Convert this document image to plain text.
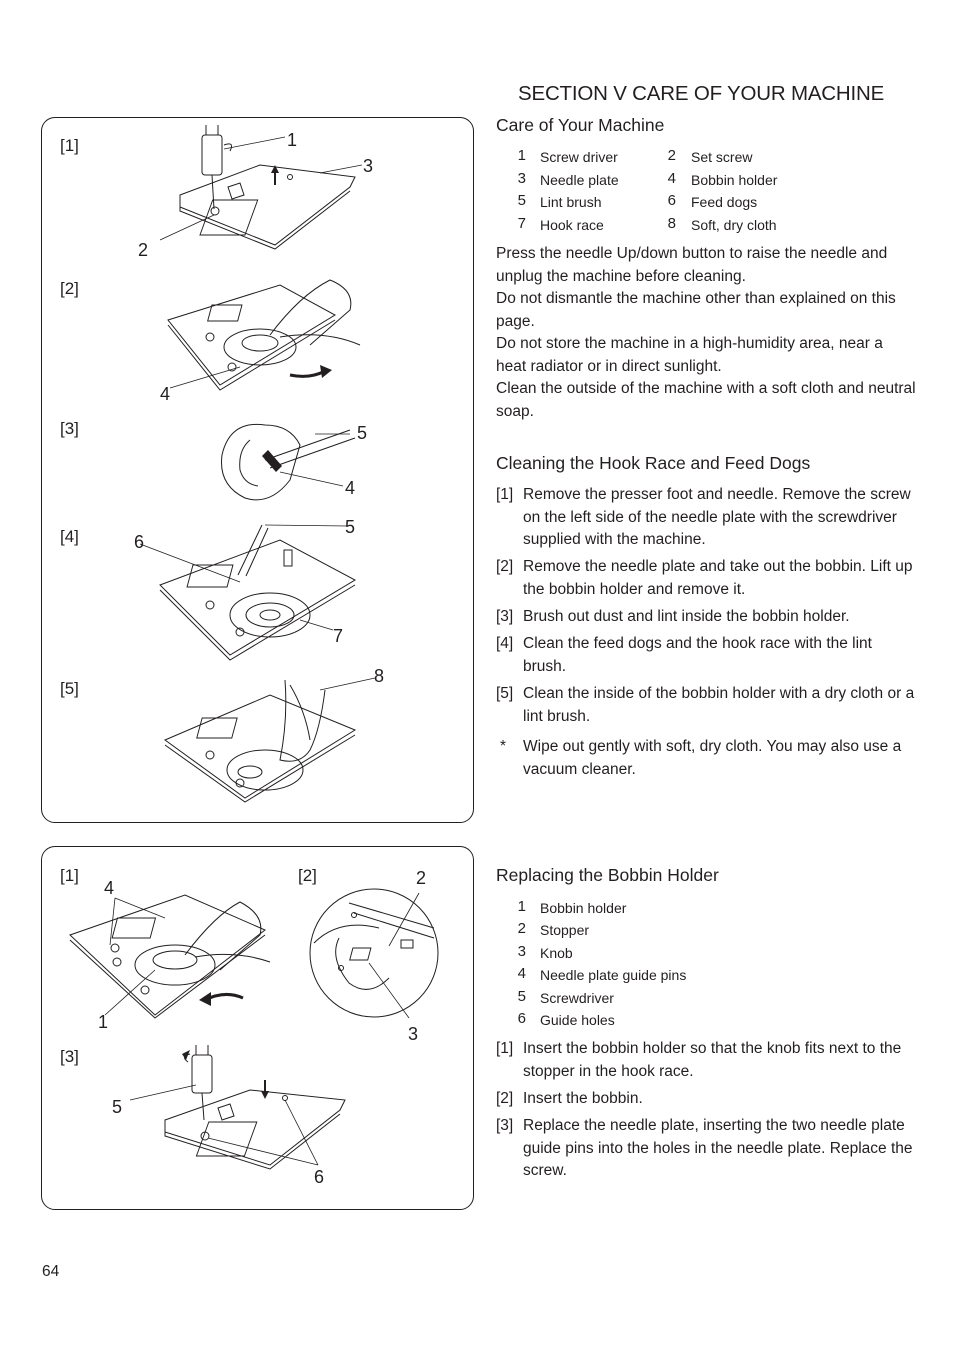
SECTION V CARE OF YOUR MACHINE
[1]
[2]
[3]
[4]
[5]
1
3
2
4
5
4
6
5
7
8
[1]	[2]
[3]
4
1
2
3
5
6
Care of Your Machine
1 Screw driver	2 Set screw
3 Needle plate	4 Bobbin holder
5 Lint brush	6 Feed dogs
7 Hook race	8 Soft, dry cloth

Press the needle Up/down button to raise the needle and unplug the machine before cleaning.

Do not dismantle the machine other than explained on this page.

Do not store the machine in a high-humidity area, near a heat radiator or in direct sunlight.

Clean the outside of the machine with a soft cloth and neutral soap.

Cleaning the Hook Race and Feed Dogs
[1] Remove the presser foot and needle. Remove the screw on the left side of the needle plate with the screwdriver supplied with the machine.
[2] Remove the needle plate and take out the bobbin. Lift up the bobbin holder and remove it.
[3] Brush out dust and lint inside the bobbin holder.
[4] Clean the feed dogs and the hook race with the lint brush.
[5] Clean the inside of the bobbin holder with a dry cloth or a lint brush.
* Wipe out gently with soft, dry cloth. You may also use a vacuum cleaner.
Replacing the Bobbin Holder
1 Bobbin holder
2 Stopper
3 Knob
4 Needle plate guide pins
5 Screwdriver
6 Guide holes
[1] Insert the bobbin holder so that the knob fits next to the stopper in the hook race.
[2] Insert the bobbin.
[3] Replace the needle plate, inserting the two needle plate guide pins into the holes in the needle plate. Replace the screw.
64
